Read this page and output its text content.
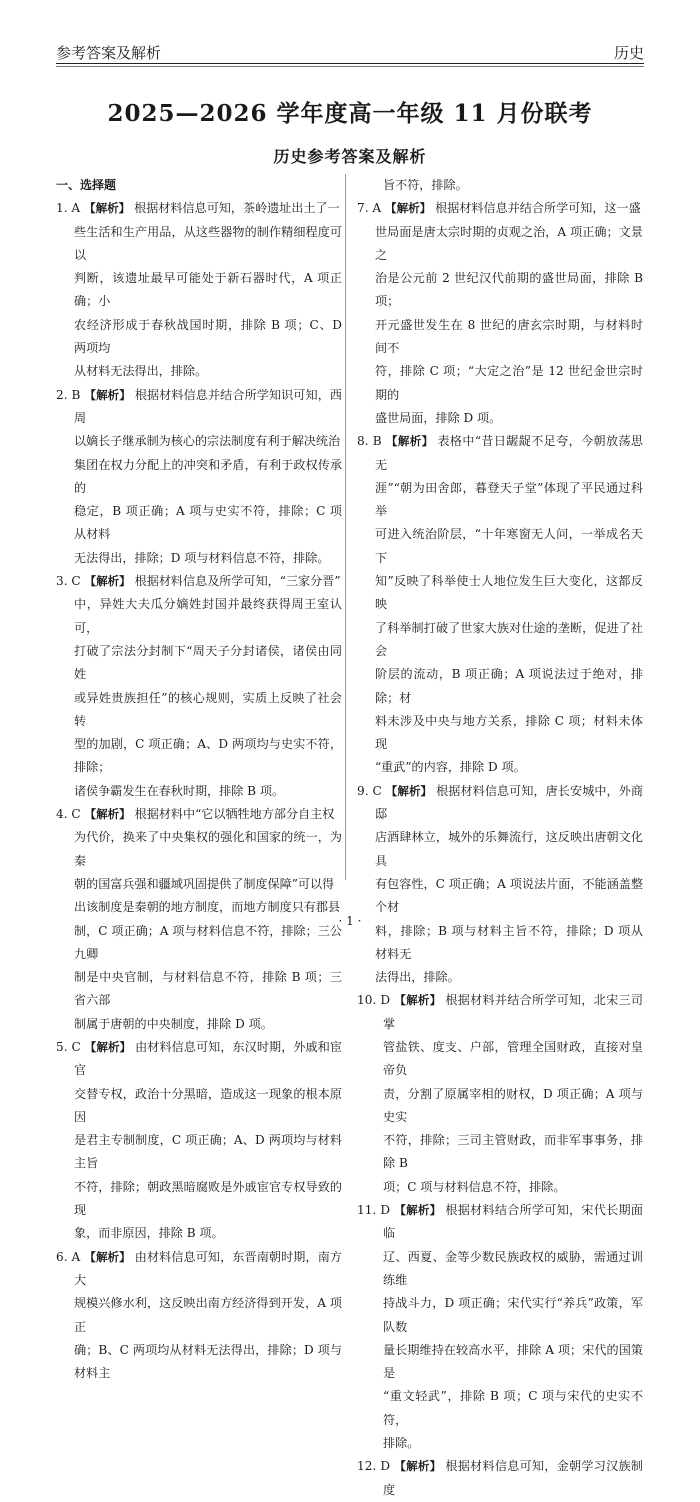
参考答案及解析	历史
2025—2026 学年度高一年级 11 月份联考
历史参考答案及解析
一、选择题
1. A 【解析】 根据材料信息可知，茶岭遗址出土了一
些生活和生产用品，从这些器物的制作精细程度可以
判断，该遗址最早可能处于新石器时代，A 项正确；小
农经济形成于春秋战国时期，排除 B 项；C、D 两项均
从材料无法得出，排除。
2. B 【解析】 根据材料信息并结合所学知识可知，西周
以嫡长子继承制为核心的宗法制度有利于解决统治
集团在权力分配上的冲突和矛盾，有利于政权传承的
稳定，B 项正确；A 项与史实不符，排除；C 项从材料
无法得出，排除；D 项与材料信息不符，排除。
3. C 【解析】 根据材料信息及所学可知，“三家分晋”
中，异姓大夫瓜分嫡姓封国并最终获得周王室认可，
打破了宗法分封制下“周天子分封诸侯，诸侯由同姓
或异姓贵族担任”的核心规则，实质上反映了社会转
型的加剧，C 项正确；A、D 两项均与史实不符，排除；
诸侯争霸发生在春秋时期，排除 B 项。
4. C 【解析】 根据材料中“它以牺牲地方部分自主权
为代价，换来了中央集权的强化和国家的统一，为秦
朝的国富兵强和疆域巩固提供了制度保障”可以得
出该制度是秦朝的地方制度，而地方制度只有郡县
制，C 项正确；A 项与材料信息不符，排除；三公九卿
制是中央官制，与材料信息不符，排除 B 项；三省六部
制属于唐朝的中央制度，排除 D 项。
5. C 【解析】 由材料信息可知，东汉时期，外戚和宦官
交替专权，政治十分黑暗，造成这一现象的根本原因
是君主专制制度，C 项正确；A、D 两项均与材料主旨
不符，排除；朝政黑暗腐败是外戚宦官专权导致的现
象，而非原因，排除 B 项。
6. A 【解析】 由材料信息可知，东晋南朝时期，南方大
规模兴修水利，这反映出南方经济得到开发，A 项正
确；B、C 两项均从材料无法得出，排除；D 项与材料主
旨不符，排除。
7. A 【解析】 根据材料信息并结合所学可知，这一盛
世局面是唐太宗时期的贞观之治，A 项正确；文景之
治是公元前 2 世纪汉代前期的盛世局面，排除 B 项；
开元盛世发生在 8 世纪的唐玄宗时期，与材料时间不
符，排除 C 项；“大定之治”是 12 世纪金世宗时期的
盛世局面，排除 D 项。
8. B 【解析】 表格中“昔日龌龊不足夸，今朝放荡思无
涯”“朝为田舍郎，暮登天子堂”体现了平民通过科举
可进入统治阶层，“十年寒窗无人问，一举成名天下
知”反映了科举使士人地位发生巨大变化，这都反映
了科举制打破了世家大族对仕途的垄断，促进了社会
阶层的流动，B 项正确；A 项说法过于绝对，排除；材
料未涉及中央与地方关系，排除 C 项；材料未体现
“重武”的内容，排除 D 项。
9. C 【解析】 根据材料信息可知，唐长安城中，外商邸
店酒肆林立，城外的乐舞流行，这反映出唐朝文化具
有包容性，C 项正确；A 项说法片面，不能涵盖整个材
料，排除；B 项与材料主旨不符，排除；D 项从材料无
法得出，排除。
10. D 【解析】 根据材料并结合所学可知，北宋三司掌
管盐铁、度支、户部，管理全国财政，直接对皇帝负
责，分割了原属宰相的财权，D 项正确；A 项与史实
不符，排除；三司主管财政，而非军事事务，排除 B
项；C 项与材料信息不符，排除。
11. D 【解析】 根据材料结合所学可知，宋代长期面临
辽、西夏、金等少数民族政权的威胁，需通过训练维
持战斗力，D 项正确；宋代实行“养兵”政策，军队数
量长期维持在较高水平，排除 A 项；宋代的国策是
“重文轻武”，排除 B 项；C 项与宋代的史实不符，
排除。
12. D 【解析】 根据材料信息可知，金朝学习汉族制度
· 1 ·
